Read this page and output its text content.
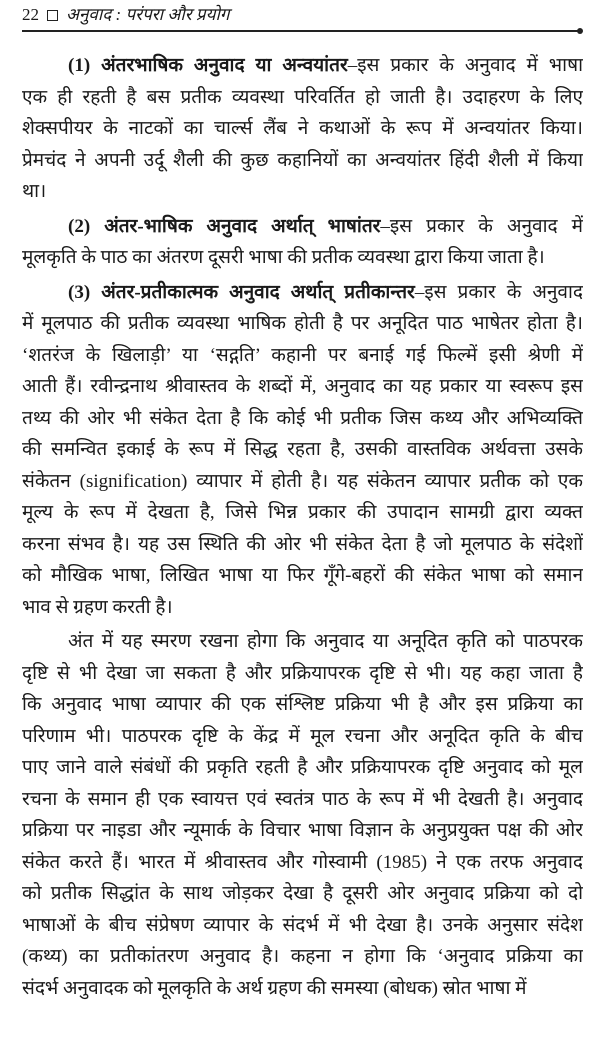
22 अनुवाद : परंपरा और प्रयोग
(1) अंतरभाषिक अनुवाद या अन्वयांतर–इस प्रकार के अनुवाद में भाषा
एक ही रहती है बस प्रतीक व्यवस्था परिवर्तित हो जाती है। उदाहरण के लिए
शेक्सपीयर के नाटकों का चार्ल्स लैंब ने कथाओं के रूप में अन्वयांतर किया।
प्रेमचंद ने अपनी उर्दू शैली की कुछ कहानियों का अन्वयांतर हिंदी शैली में किया
था।
(2) अंतर-भाषिक अनुवाद अर्थात् भाषांतर–इस प्रकार के अनुवाद में
मूलकृति के पाठ का अंतरण दूसरी भाषा की प्रतीक व्यवस्था द्वारा किया जाता है।
(3) अंतर-प्रतीकात्मक अनुवाद अर्थात् प्रतीकान्तर–इस प्रकार के अनुवाद
में मूलपाठ की प्रतीक व्यवस्था भाषिक होती है पर अनूदित पाठ भाषेतर होता है।
‘शतरंज के खिलाड़ी’ या ‘सद्गति’ कहानी पर बनाई गई फिल्में इसी श्रेणी में
आती हैं। रवीन्द्रनाथ श्रीवास्तव के शब्दों में, अनुवाद का यह प्रकार या स्वरूप इस
तथ्य की ओर भी संकेत देता है कि कोई भी प्रतीक जिस कथ्य और अभिव्यक्ति
की समन्वित इकाई के रूप में सिद्ध रहता है, उसकी वास्तविक अर्थवत्ता उसके
संकेतन (signification) व्यापार में होती है। यह संकेतन व्यापार प्रतीक को एक
मूल्य के रूप में देखता है, जिसे भिन्न प्रकार की उपादान सामग्री द्वारा व्यक्त
करना संभव है। यह उस स्थिति की ओर भी संकेत देता है जो मूलपाठ के संदेशों
को मौखिक भाषा, लिखित भाषा या फिर गूँगे-बहरों की संकेत भाषा को समान
भाव से ग्रहण करती है।
अंत में यह स्मरण रखना होगा कि अनुवाद या अनूदित कृति को पाठपरक
दृष्टि से भी देखा जा सकता है और प्रक्रियापरक दृष्टि से भी। यह कहा जाता है
कि अनुवाद भाषा व्यापार की एक संश्लिष्ट प्रक्रिया भी है और इस प्रक्रिया का
परिणाम भी। पाठपरक दृष्टि के केंद्र में मूल रचना और अनूदित कृति के बीच
पाए जाने वाले संबंधों की प्रकृति रहती है और प्रक्रियापरक दृष्टि अनुवाद को मूल
रचना के समान ही एक स्वायत्त एवं स्वतंत्र पाठ के रूप में भी देखती है। अनुवाद
प्रक्रिया पर नाइडा और न्यूमार्क के विचार भाषा विज्ञान के अनुप्रयुक्त पक्ष की ओर
संकेत करते हैं। भारत में श्रीवास्तव और गोस्वामी (1985) ने एक तरफ अनुवाद
को प्रतीक सिद्धांत के साथ जोड़कर देखा है दूसरी ओर अनुवाद प्रक्रिया को दो
भाषाओं के बीच संप्रेषण व्यापार के संदर्भ में भी देखा है। उनके अनुसार संदेश
(कथ्य) का प्रतीकांतरण अनुवाद है। कहना न होगा कि ‘अनुवाद प्रक्रिया का
संदर्भ अनुवादक को मूलकृति के अर्थ ग्रहण की समस्या (बोधक) स्रोत भाषा में
